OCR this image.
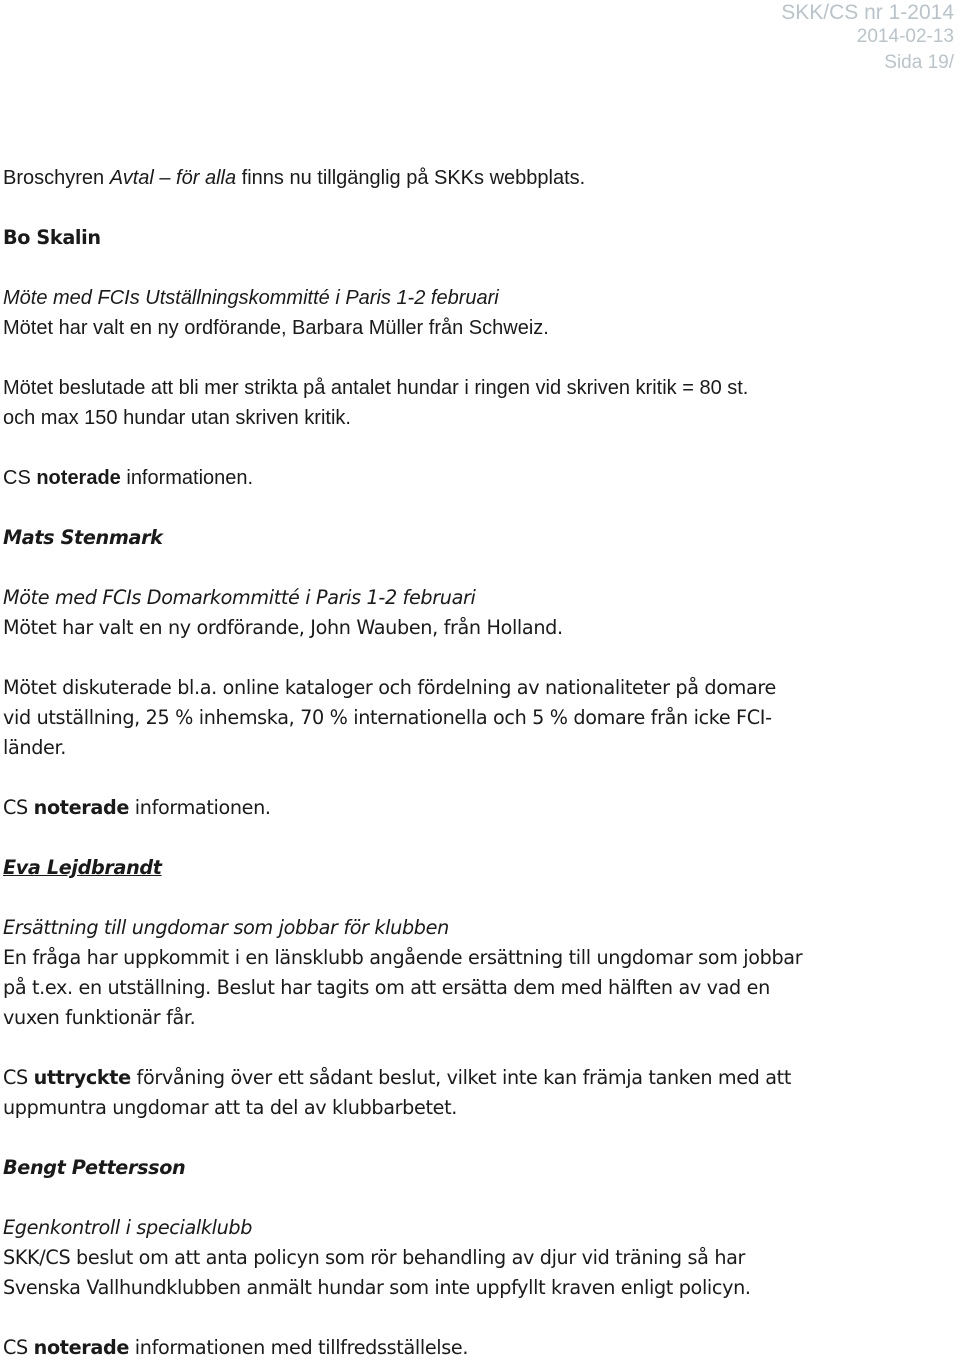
SKK/CS nr 1-2014
2014-02-13
Sida 19/

Broschyren Avtal – för alla finns nu tillgänglig på SKKs webbplats.

Bo Skalin

Möte med FCIs Utställningskommitté i Paris 1-2 februari

Mötet har valt en ny ordförande, Barbara Müller från Schweiz.

Mötet beslutade att bli mer strikta på antalet hundar i ringen vid skriven kritik = 80 st.

och max 150 hundar utan skriven kritik.

CS noterade informationen.

Mats Stenmark

Möte med FCIs Domarkommitté i Paris 1-2 februari

Mötet har valt en ny ordförande, John Wauben, från Holland.

Mötet diskuterade bl.a. online kataloger och fördelning av nationaliteter på domare

vid utställning, 25 % inhemska, 70 % internationella och 5 % domare från icke FCI-

länder.

CS noterade informationen.

Eva Lejdbrandt

Ersättning till ungdomar som jobbar för klubben

En fråga har uppkommit i en länsklubb angående ersättning till ungdomar som jobbar

på t.ex. en utställning. Beslut har tagits om att ersätta dem med hälften av vad en

vuxen funktionär får.

CS uttryckte förvåning över ett sådant beslut, vilket inte kan främja tanken med att

uppmuntra ungdomar att ta del av klubbarbetet.

Bengt Pettersson

Egenkontroll i specialklubb

SKK/CS beslut om att anta policyn som rör behandling av djur vid träning så har

Svenska Vallhundklubben anmält hundar som inte uppfyllt kraven enligt policyn.

CS noterade informationen med tillfredsställelse.
